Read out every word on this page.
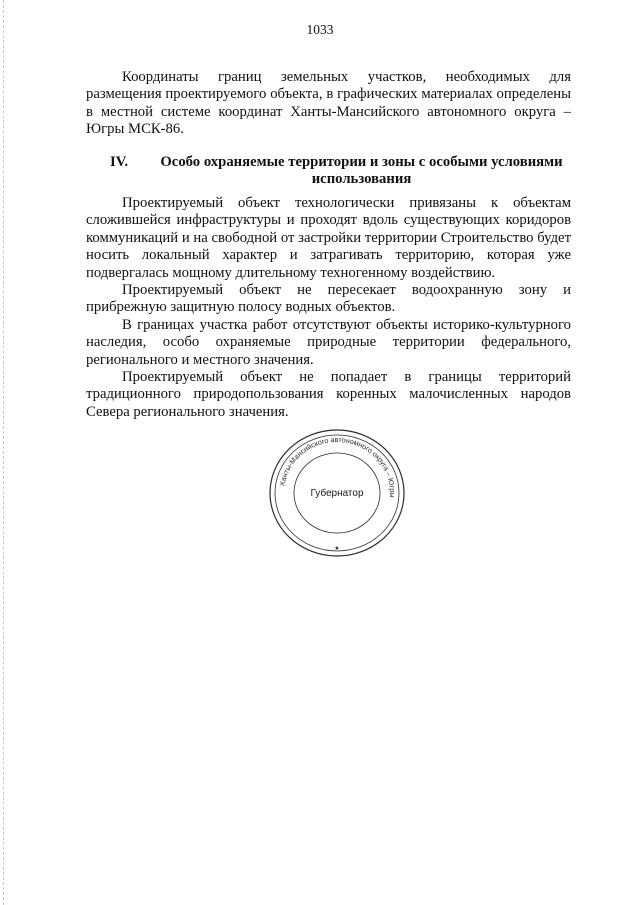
1033

Координаты границ земельных участков, необходимых для размещения проектируемого объекта, в графических материалах определены в местной системе координат Ханты-Мансийского автономного округа – Югры МСК-86.

IV.	Особо охраняемые территории и зоны с особыми условиями использования

Проектируемый объект технологически привязаны к объектам сложившейся инфраструктуры и проходят вдоль существующих коридоров коммуникаций и на свободной от застройки территории Строительство будет носить локальный характер и затрагивать территорию, которая уже подвергалась мощному длительному техногенному воздействию.

Проектируемый объект не пересекает водоохранную зону и прибрежную защитную полосу водных объектов.

В границах участка работ отсутствуют объекты историко-культурного наследия, особо охраняемые природные территории федерального, регионального и местного значения.

Проектируемый объект не попадает в границы территорий традиционного природопользования коренных малочисленных народов Севера регионального значения.

Ханты-Мансийского автономного округа – Югры
Губернатор
★
